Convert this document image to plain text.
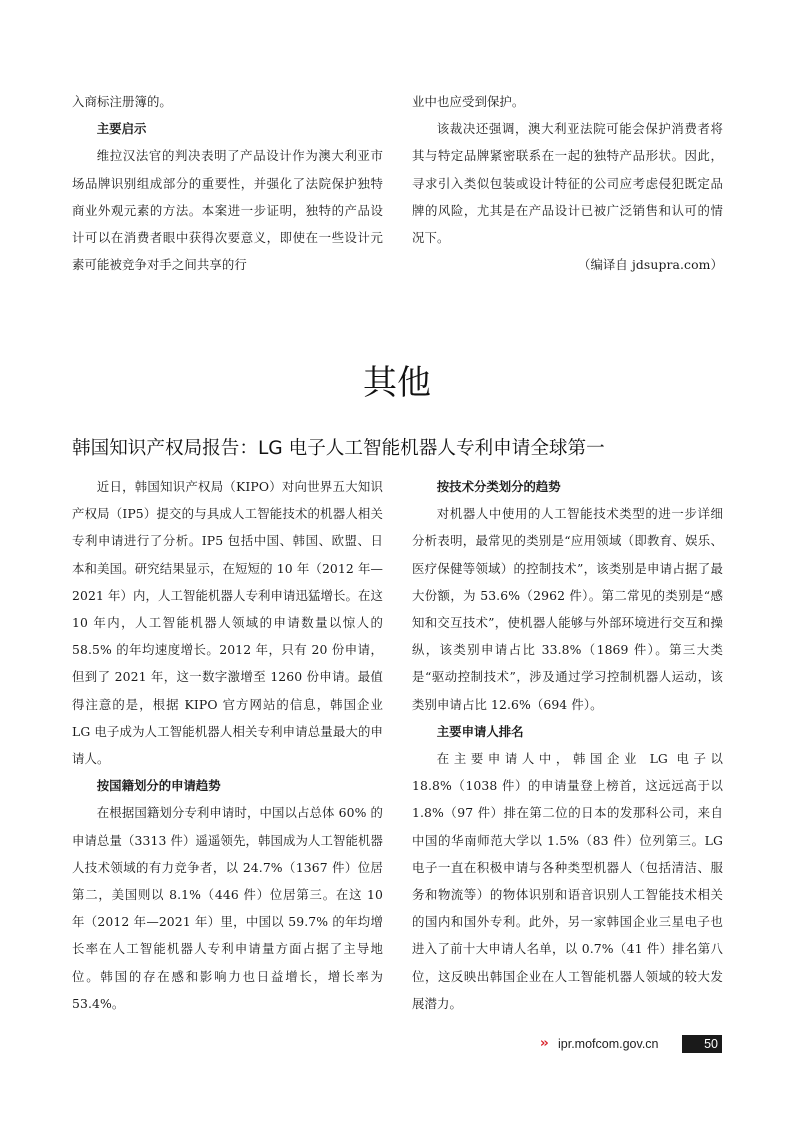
入商标注册簿的。

主要启示

维拉汉法官的判决表明了产品设计作为澳大利亚市场品牌识别组成部分的重要性，并强化了法院保护独特商业外观元素的方法。本案进一步证明，独特的产品设计可以在消费者眼中获得次要意义，即使在一些设计元素可能被竞争对手之间共享的行

业中也应受到保护。

该裁决还强调，澳大利亚法院可能会保护消费者将其与特定品牌紧密联系在一起的独特产品形状。因此，寻求引入类似包装或设计特征的公司应考虑侵犯既定品牌的风险，尤其是在产品设计已被广泛销售和认可的情况下。

（编译自 jdsupra.com）

其他
韩国知识产权局报告：LG 电子人工智能机器人专利申请全球第一

近日，韩国知识产权局（KIPO）对向世界五大知识产权局（IP5）提交的与具成人工智能技术的机器人相关专利申请进行了分析。IP5 包括中国、韩国、欧盟、日本和美国。研究结果显示，在短短的 10 年（2012 年—2021 年）内，人工智能机器人专利申请迅猛增长。在这 10 年内，人工智能机器人领域的申请数量以惊人的 58.5% 的年均速度增长。2012 年，只有 20 份申请，但到了 2021 年，这一数字激增至 1260 份申请。最值得注意的是，根据 KIPO 官方网站的信息，韩国企业 LG 电子成为人工智能机器人相关专利申请总量最大的申请人。

按国籍划分的申请趋势

在根据国籍划分专利申请时，中国以占总体 60% 的申请总量（3313 件）遥遥领先，韩国成为人工智能机器人技术领域的有力竞争者，以 24.7%（1367 件）位居第二，美国则以 8.1%（446 件）位居第三。在这 10 年（2012 年—2021 年）里，中国以 59.7% 的年均增长率在人工智能机器人专利申请量方面占据了主导地位。韩国的存在感和影响力也日益增长，增长率为 53.4%。

按技术分类划分的趋势

对机器人中使用的人工智能技术类型的进一步详细分析表明，最常见的类别是“应用领域（即教育、娱乐、医疗保健等领域）的控制技术”，该类别是申请占据了最大份额，为 53.6%（2962 件）。第二常见的类别是“感知和交互技术”，使机器人能够与外部环境进行交互和操纵，该类别申请占比 33.8%（1869 件）。第三大类是“驱动控制技术”，涉及通过学习控制机器人运动，该类别申请占比 12.6%（694 件）。

主要申请人排名

在主要申请人中，韩国企业 LG 电子以 18.8%（1038 件）的申请量登上榜首，这远远高于以 1.8%（97 件）排在第二位的日本的发那科公司，来自中国的华南师范大学以 1.5%（83 件）位列第三。LG 电子一直在积极申请与各种类型机器人（包括清洁、服务和物流等）的物体识别和语音识别人工智能技术相关的国内和国外专利。此外，另一家韩国企业三星电子也进入了前十大申请人名单，以 0.7%（41 件）排名第八位，这反映出韩国企业在人工智能机器人领域的较大发展潜力。

›› ipr.mofcom.gov.cn	50
